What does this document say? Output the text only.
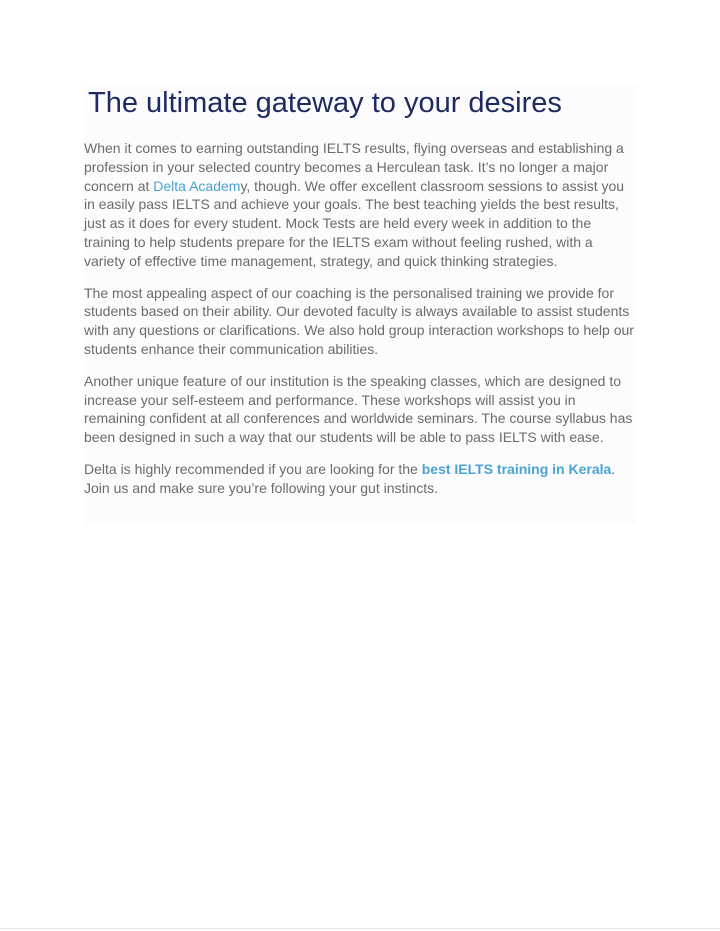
The ultimate gateway to your desires

When it comes to earning outstanding IELTS results, flying overseas and establishing a profession in your selected country becomes a Herculean task. It’s no longer a major concern at Delta Academy, though. We offer excellent classroom sessions to assist you in easily pass IELTS and achieve your goals. The best teaching yields the best results, just as it does for every student. Mock Tests are held every week in addition to the training to help students prepare for the IELTS exam without feeling rushed, with a variety of effective time management, strategy, and quick thinking strategies.

The most appealing aspect of our coaching is the personalised training we provide for students based on their ability. Our devoted faculty is always available to assist students with any questions or clarifications. We also hold group interaction workshops to help our students enhance their communication abilities.

Another unique feature of our institution is the speaking classes, which are designed to increase your self-esteem and performance. These workshops will assist you in remaining confident at all conferences and worldwide seminars. The course syllabus has been designed in such a way that our students will be able to pass IELTS with ease.

Delta is highly recommended if you are looking for the best IELTS training in Kerala. Join us and make sure you’re following your gut instincts.
